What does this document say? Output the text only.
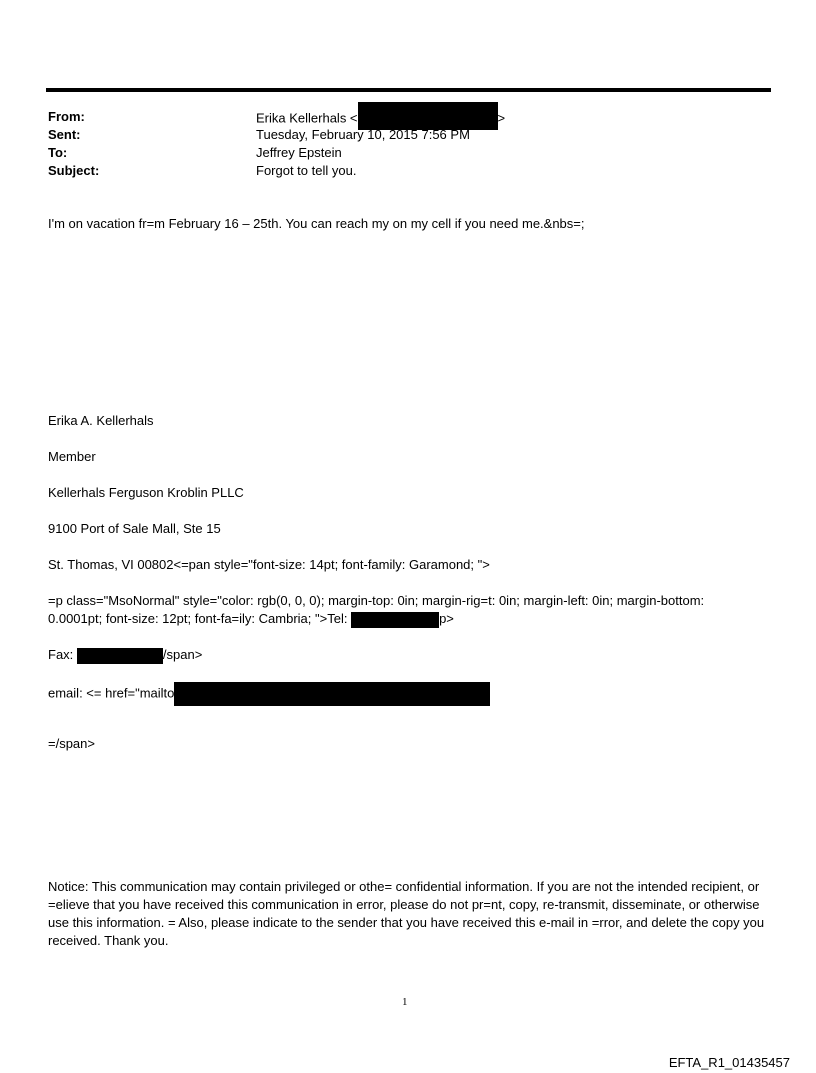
From:	Erika Kellerhals <	>
Sent:	Tuesday, February 10, 2015 7:56 PM
To:	Jeffrey Epstein
Subject:	Forgot to tell you.
I'm on vacation fr=m February 16 – 25th. You can reach my on my cell if you need me.&nbs=;
Erika A. Kellerhals
Member
Kellerhals Ferguson Kroblin PLLC
9100 Port of Sale Mall, Ste 15
St. Thomas, VI 00802<=pan style="font-size: 14pt; font-family: Garamond; ">
=p class="MsoNormal" style="color: rgb(0, 0, 0); margin-top: 0in; margin-rig=t: 0in; margin-left: 0in; margin-bottom:
0.0001pt; font-size: 12pt; font-fa=ily: Cambria; ">Tel:	p>
Fax:	/span>
email: <= href="mailto
=/span>
Notice: This communication may contain privileged or othe= confidential information. If you are not the intended recipient, or =elieve that you have received this communication in error, please do not pr=nt, copy, re-transmit, disseminate, or otherwise use this information. = Also, please indicate to the sender that you have received this e-mail in =rror, and delete the copy you received. Thank you.
1
EFTA_R1_01435457
